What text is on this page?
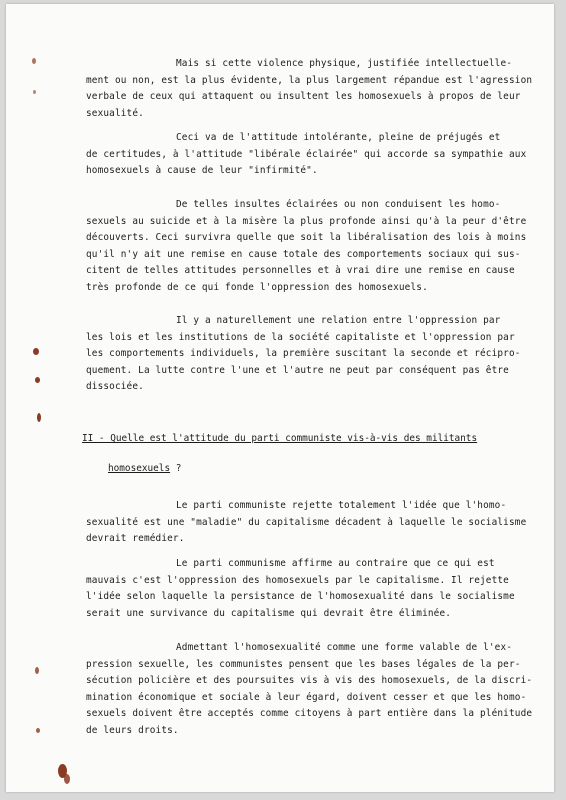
Mais si cette violence physique, justifiée intellectuelle-
ment ou non, est la plus évidente, la plus largement répandue est l'agression
verbale de ceux qui attaquent ou insultent les homosexuels à propos de leur
sexualité.
Ceci va de l'attitude intolérante, pleine de préjugés et
de certitudes, à l'attitude "libérale éclairée" qui accorde sa sympathie aux
homosexuels à cause de leur "infirmité".
De telles insultes éclairées ou non conduisent les homo-
sexuels au suicide et à la misère la plus profonde ainsi qu'à la peur d'être
découverts. Ceci survivra quelle que soit la libéralisation des lois à moins
qu'il n'y ait une remise en cause totale des comportements sociaux qui sus-
citent de telles attitudes personnelles et à vrai dire une remise en cause
très profonde de ce qui fonde l'oppression des homosexuels.
Il y a naturellement une relation entre l'oppression par
les lois et les institutions de la société capitaliste et l'oppression par
les comportements individuels, la première suscitant la seconde et récipro-
quement. La lutte contre l'une et l'autre ne peut par conséquent pas être
dissociée.
II - Quelle est l'attitude du parti communiste vis-à-vis des militants
homosexuels ?
Le parti communiste rejette totalement l'idée que l'homo-
sexualité est une "maladie" du capitalisme décadent à laquelle le socialisme
devrait remédier.
Le parti communisme affirme au contraire que ce qui est
mauvais c'est l'oppression des homosexuels par le capitalisme. Il rejette
l'idée selon laquelle la persistance de l'homosexualité dans le socialisme
serait une survivance du capitalisme qui devrait être éliminée.
Admettant l'homosexualité comme une forme valable de l'ex-
pression sexuelle, les communistes pensent que les bases légales de la per-
sécution policière et des poursuites vis à vis des homosexuels, de la discri-
mination économique et sociale à leur égard, doivent cesser et que les homo-
sexuels doivent être acceptés comme citoyens à part entière dans la plénitude
de leurs droits.
